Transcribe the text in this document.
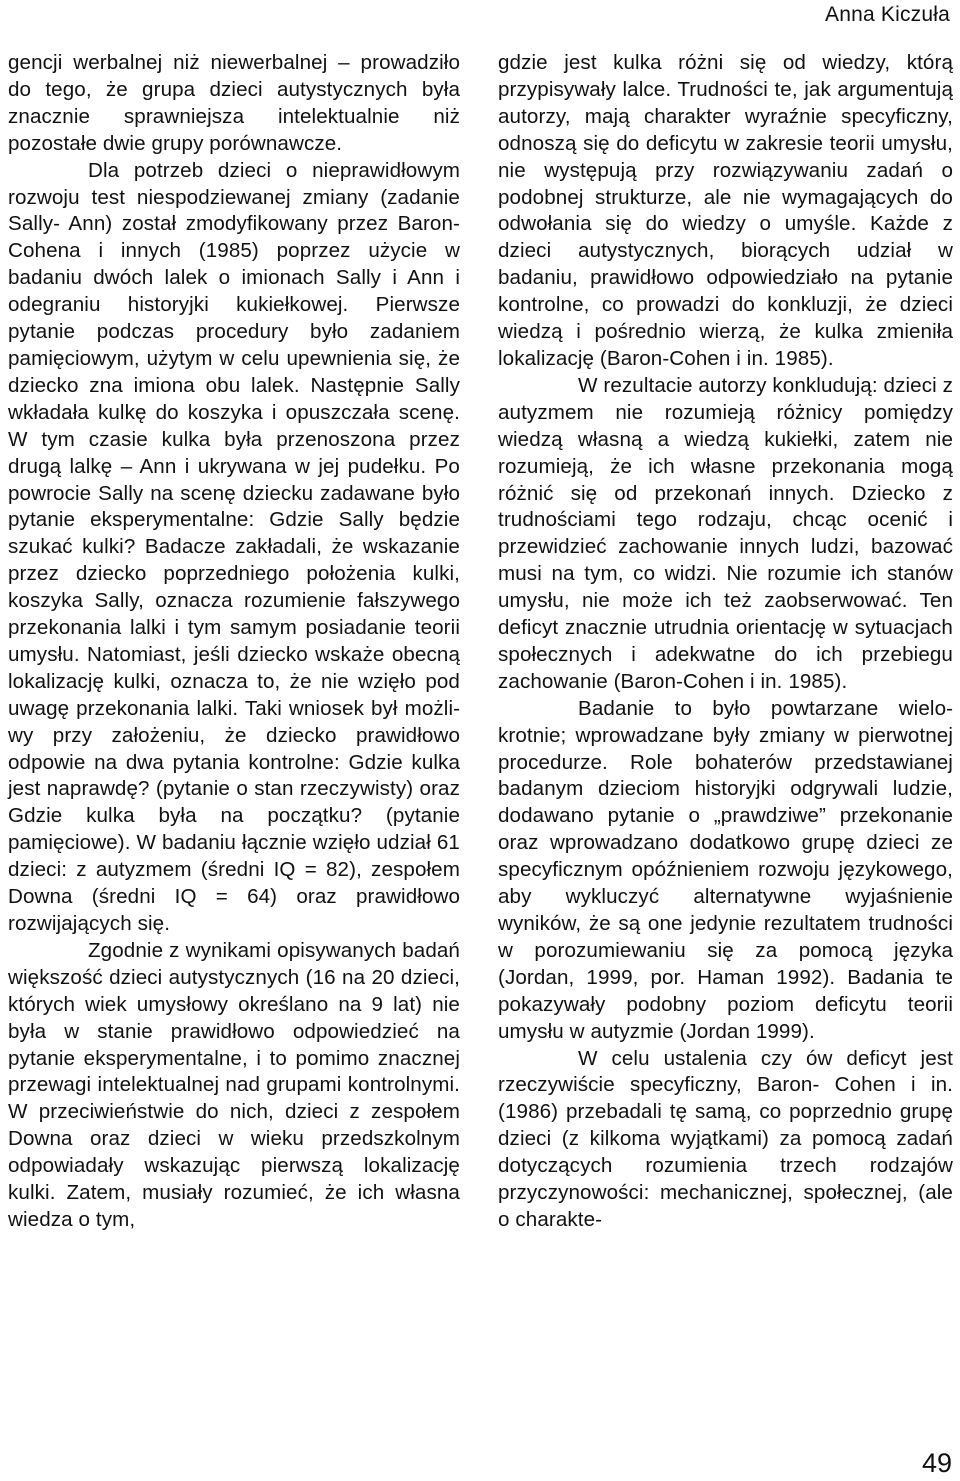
Anna Kiczuła

gencji werbalnej niż niewerbalnej – prowadziło do tego, że grupa dzieci autystycznych była znacznie sprawniejsza intelektualnie niż pozostałe dwie grupy porównawcze.

Dla potrzeb dzieci o nieprawidłowym rozwoju test niespodziewanej zmiany (zadanie Sally- Ann) został zmodyfikowany przez Baron-Cohena i innych (1985) poprzez użycie w badaniu dwóch lalek o imionach Sally i Ann i odegraniu historyjki kukiełkowej. Pierwsze pytanie podczas procedury było zadaniem pamięciowym, użytym w celu upewnienia się, że dziecko zna imiona obu lalek. Następnie Sally wkładała kulkę do koszyka i opuszczała scenę. W tym czasie kulka była przenoszona przez drugą lalkę – Ann i ukrywana w jej pudełku. Po powrocie Sally na scenę dziecku zadawane było pytanie eksperymentalne: Gdzie Sally będzie szukać kulki? Badacze zakładali, że wskazanie przez dziecko poprzedniego położenia kulki, koszyka Sally, oznacza rozumienie fałszywego przekonania lalki i tym samym posiadanie teorii umysłu. Natomiast, jeśli dziecko wskaże obecną lokalizację kulki, oznacza to, że nie wzięło pod uwagę przekonania lalki. Taki wniosek był możliwy przy założeniu, że dziecko prawidłowo odpowie na dwa pytania kontrolne: Gdzie kulka jest naprawdę? (pytanie o stan rzeczywisty) oraz Gdzie kulka była na początku? (pytanie pamięciowe). W badaniu łącznie wzięło udział 61 dzieci: z autyzmem (średni IQ = 82), zespołem Downa (średni IQ = 64) oraz prawidłowo rozwijających się.

Zgodnie z wynikami opisywanych badań większość dzieci autystycznych (16 na 20 dzieci, których wiek umysłowy określano na 9 lat) nie była w stanie prawidłowo odpowiedzieć na pytanie eksperymentalne, i to pomimo znacznej przewagi intelektualnej nad grupami kontrolnymi. W przeciwieństwie do nich, dzieci z zespołem Downa oraz dzieci w wieku przedszkolnym odpowiadały wskazując pierwszą lokalizację kulki. Zatem, musiały rozumieć, że ich własna wiedza o tym,

gdzie jest kulka różni się od wiedzy, którą przypisywały lalce. Trudności te, jak argumentują autorzy, mają charakter wyraźnie specyficzny, odnoszą się do deficytu w zakresie teorii umysłu, nie występują przy rozwiązywaniu zadań o podobnej strukturze, ale nie wymagających do odwołania się do wiedzy o umyśle. Każde z dzieci autystycznych, biorących udział w badaniu, prawidłowo odpowiedziało na pytanie kontrolne, co prowadzi do konkluzji, że dzieci wiedzą i pośrednio wierzą, że kulka zmieniła lokalizację (Baron-Cohen i in. 1985).

W rezultacie autorzy konkludują: dzieci z autyzmem nie rozumieją różnicy pomiędzy wiedzą własną a wiedzą kukiełki, zatem nie rozumieją, że ich własne przekonania mogą różnić się od przekonań innych. Dziecko z trudnościami tego rodzaju, chcąc ocenić i przewidzieć zachowanie innych ludzi, bazować musi na tym, co widzi. Nie rozumie ich stanów umysłu, nie może ich też zaobserwować. Ten deficyt znacznie utrudnia orientację w sytuacjach społecznych i adekwatne do ich przebiegu zachowanie (Baron-Cohen i in. 1985).

Badanie to było powtarzane wielokrotnie; wprowadzane były zmiany w pierwotnej procedurze. Role bohaterów przedstawianej badanym dzieciom historyjki odgrywali ludzie, dodawano pytanie o „prawdziwe” przekonanie oraz wprowadzano dodatkowo grupę dzieci ze specyficznym opóźnieniem rozwoju językowego, aby wykluczyć alternatywne wyjaśnienie wyników, że są one jedynie rezultatem trudności w porozumiewaniu się za pomocą języka (Jordan, 1999, por. Haman 1992). Badania te pokazywały podobny poziom deficytu teorii umysłu w autyzmie (Jordan 1999).

W celu ustalenia czy ów deficyt jest rzeczywiście specyficzny, Baron- Cohen i in. (1986) przebadali tę samą, co poprzednio grupę dzieci (z kilkoma wyjątkami) za pomocą zadań dotyczących rozumienia trzech rodzajów przyczynowości: mechanicznej, społecznej, (ale o charakte-

49
